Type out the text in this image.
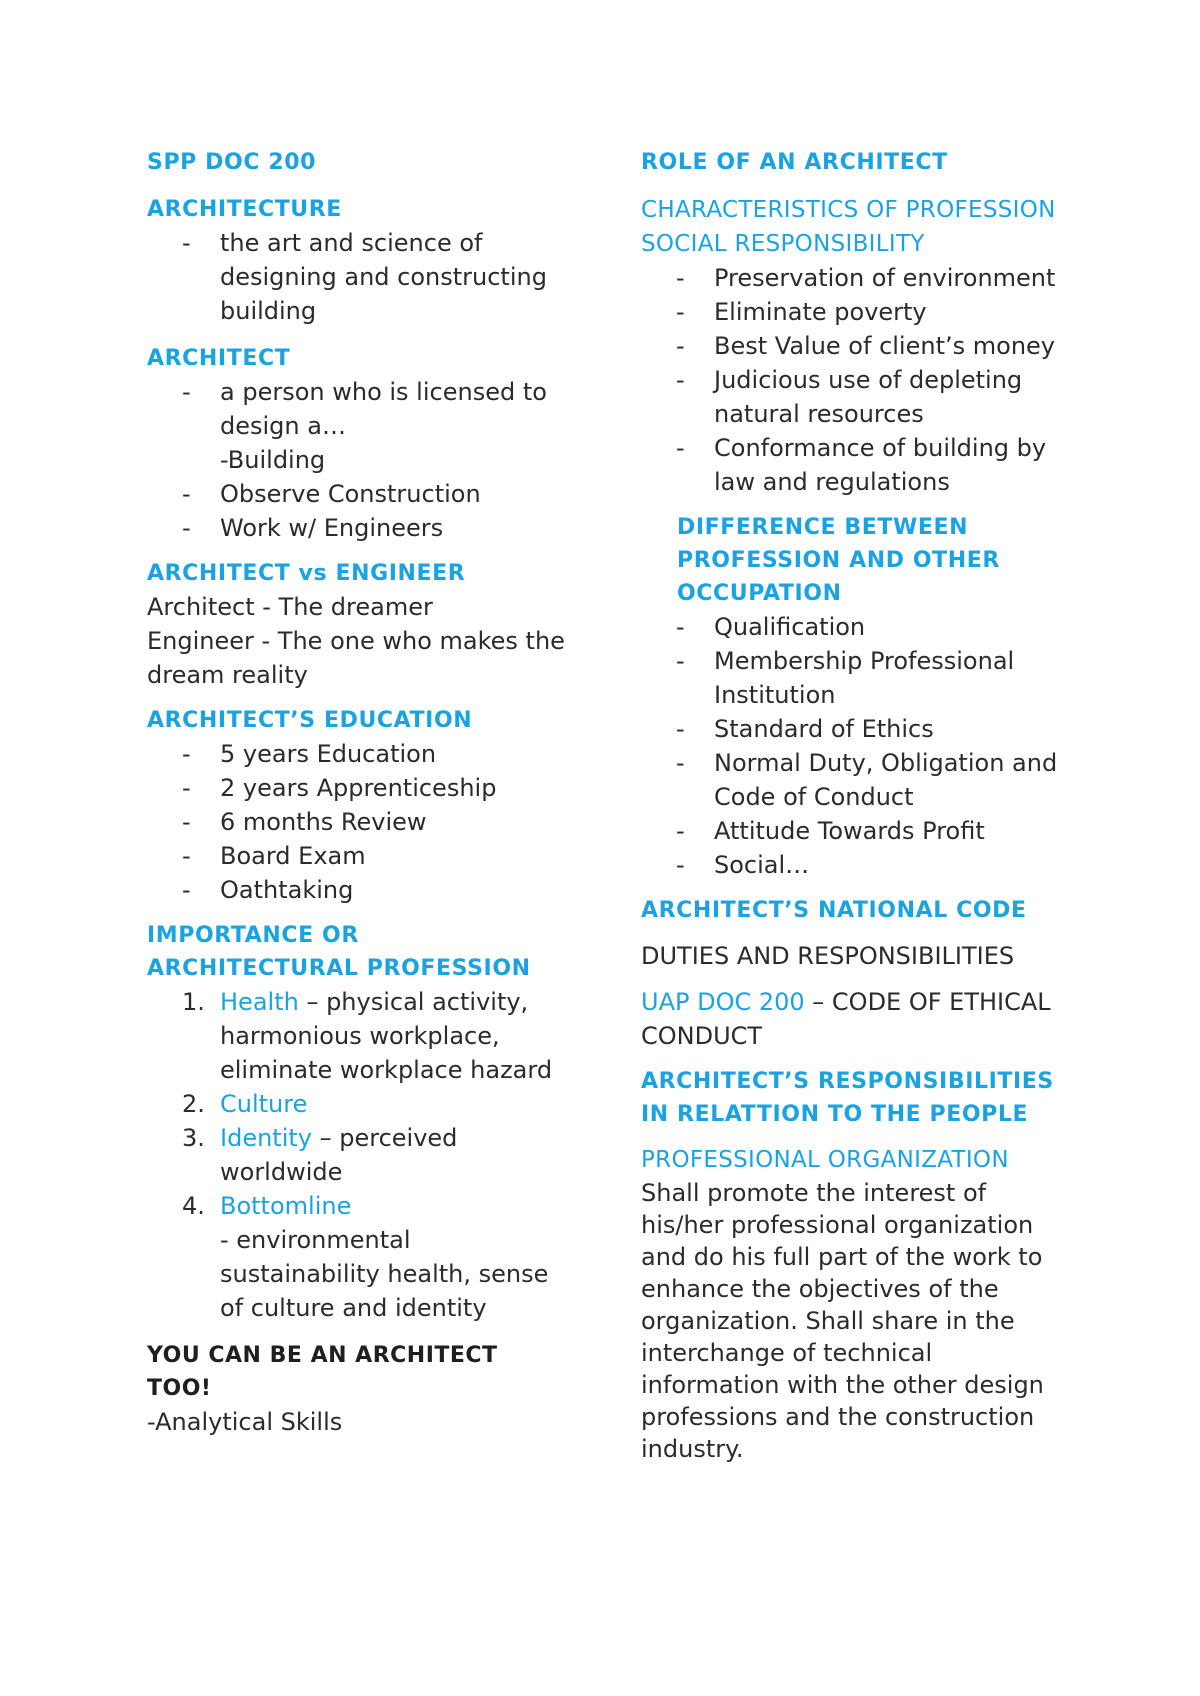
SPP DOC 200

ARCHITECTURE

- the art and science of designing and constructing building

ARCHITECT

- a person who is licensed to design a…
-Building
- Observe Construction
- Work w/ Engineers

ARCHITECT vs ENGINEER

Architect - The dreamer

Engineer - The one who makes the dream reality

ARCHITECT’S EDUCATION

- 5 years Education
- 2 years Apprenticeship
- 6 months Review
- Board Exam
- Oathtaking

IMPORTANCE OR ARCHITECTURAL PROFESSION

1. Health – physical activity, harmonious workplace, eliminate workplace hazard
2. Culture
3. Identity – perceived worldwide
4. Bottomline
- environmental sustainability health, sense of culture and identity

YOU CAN BE AN ARCHITECT TOO!

-Analytical Skills

ROLE OF AN ARCHITECT

CHARACTERISTICS OF PROFESSION

SOCIAL RESPONSIBILITY

- Preservation of environment
- Eliminate poverty
- Best Value of client’s money
- Judicious use of depleting natural resources
- Conformance of building by law and regulations

DIFFERENCE BETWEEN PROFESSION AND OTHER OCCUPATION

- Qualification
- Membership Professional Institution
- Standard of Ethics
- Normal Duty, Obligation and Code of Conduct
- Attitude Towards Profit
- Social…

ARCHITECT’S NATIONAL CODE

DUTIES AND RESPONSIBILITIES

UAP DOC 200 – CODE OF ETHICAL CONDUCT

ARCHITECT’S RESPONSIBILITIES IN RELATTION TO THE PEOPLE

PROFESSIONAL ORGANIZATION

Shall promote the interest of his/her professional organization and do his full part of the work to enhance the objectives of the organization. Shall share in the interchange of technical information with the other design professions and the construction industry.
